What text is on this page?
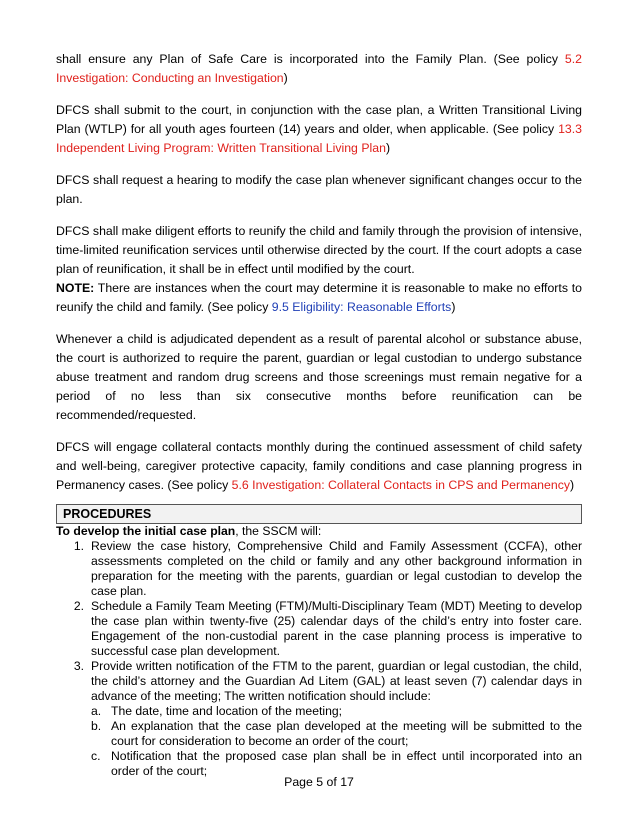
shall ensure any Plan of Safe Care is incorporated into the Family Plan. (See policy 5.2 Investigation: Conducting an Investigation)

DFCS shall submit to the court, in conjunction with the case plan, a Written Transitional Living Plan (WTLP) for all youth ages fourteen (14) years and older, when applicable. (See policy 13.3 Independent Living Program: Written Transitional Living Plan)

DFCS shall request a hearing to modify the case plan whenever significant changes occur to the plan.

DFCS shall make diligent efforts to reunify the child and family through the provision of intensive, time-limited reunification services until otherwise directed by the court. If the court adopts a case plan of reunification, it shall be in effect until modified by the court.
NOTE: There are instances when the court may determine it is reasonable to make no efforts to reunify the child and family. (See policy 9.5 Eligibility: Reasonable Efforts)

Whenever a child is adjudicated dependent as a result of parental alcohol or substance abuse, the court is authorized to require the parent, guardian or legal custodian to undergo substance abuse treatment and random drug screens and those screenings must remain negative for a period of no less than six consecutive months before reunification can be recommended/requested.

DFCS will engage collateral contacts monthly during the continued assessment of child safety and well-being, caregiver protective capacity, family conditions and case planning progress in Permanency cases. (See policy 5.6 Investigation: Collateral Contacts in CPS and Permanency)

PROCEDURES
To develop the initial case plan, the SSCM will:
1. Review the case history, Comprehensive Child and Family Assessment (CCFA), other assessments completed on the child or family and any other background information in preparation for the meeting with the parents, guardian or legal custodian to develop the case plan.
2. Schedule a Family Team Meeting (FTM)/Multi-Disciplinary Team (MDT) Meeting to develop the case plan within twenty-five (25) calendar days of the child’s entry into foster care. Engagement of the non-custodial parent in the case planning process is imperative to successful case plan development.
3. Provide written notification of the FTM to the parent, guardian or legal custodian, the child, the child’s attorney and the Guardian Ad Litem (GAL) at least seven (7) calendar days in advance of the meeting; The written notification should include:
a. The date, time and location of the meeting;
b. An explanation that the case plan developed at the meeting will be submitted to the court for consideration to become an order of the court;
c. Notification that the proposed case plan shall be in effect until incorporated into an order of the court;
Page 5 of 17
